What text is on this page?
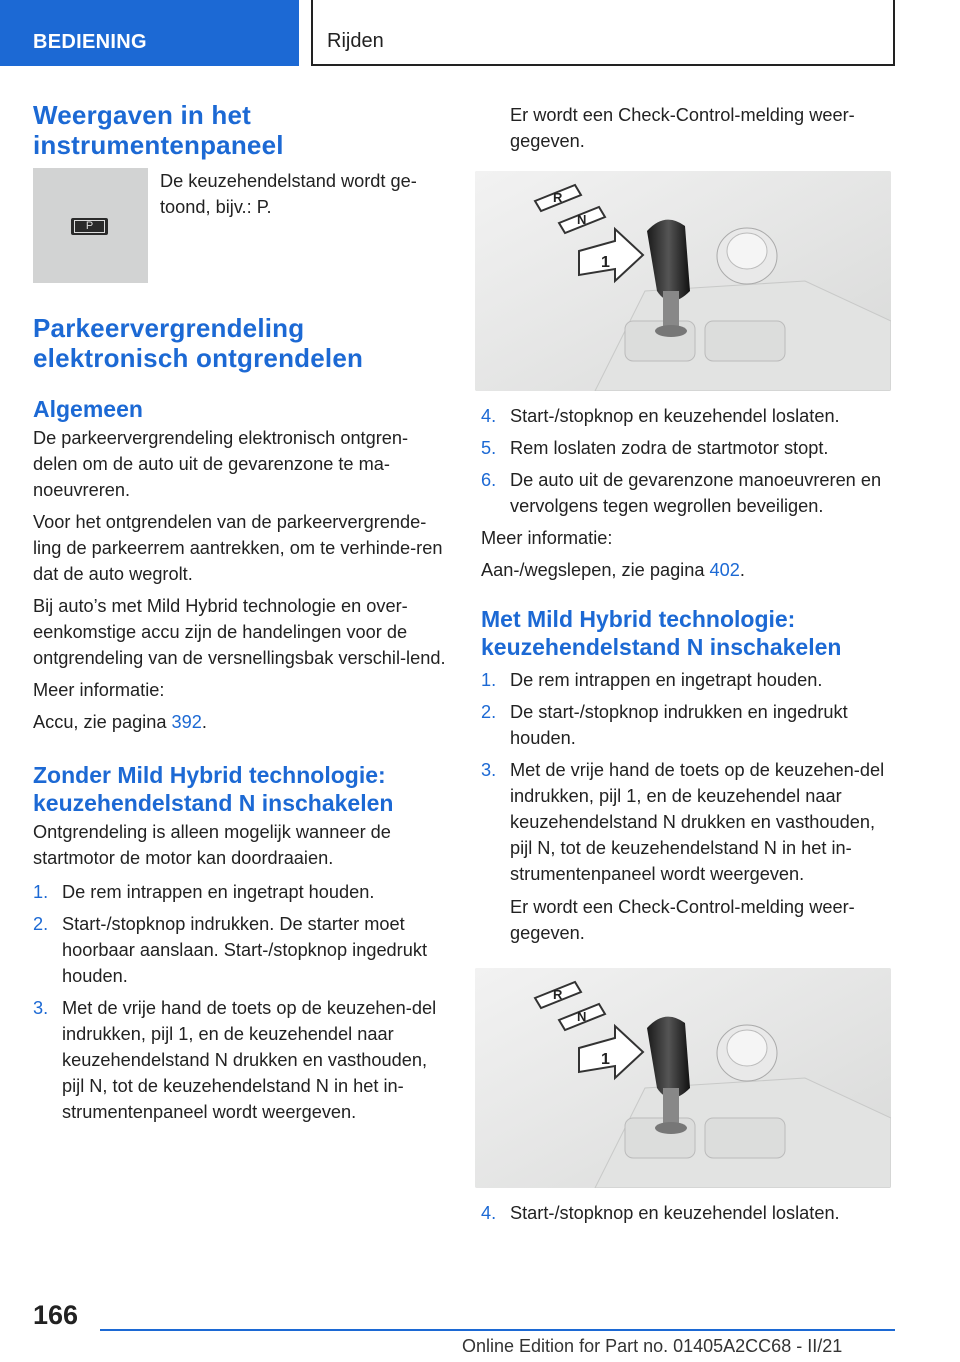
BEDIENING	Rijden
Weergaven in het instrumentenpaneel
P

De keuzehendelstand wordt ge-toond, bijv.: P.

Parkeervergrendeling elektronisch ontgrendelen
Algemeen

De parkeervergrendeling elektronisch ontgren-delen om de auto uit de gevarenzone te ma-noeuvreren.

Voor het ontgrendelen van de parkeervergrende-ling de parkeerrem aantrekken, om te verhinde-ren dat de auto wegrolt.

Bij auto’s met Mild Hybrid technologie en over-eenkomstige accu zijn de handelingen voor de ontgrendeling van de versnellingsbak verschil-lend.

Meer informatie:

Accu, zie pagina 392.

Zonder Mild Hybrid technologie: keuzehendelstand N inschakelen

Ontgrendeling is alleen mogelijk wanneer de startmotor de motor kan doordraaien.

1. De rem intrappen en ingetrapt houden.
2. Start-/stopknop indrukken. De starter moet hoorbaar aanslaan. Start-/stopknop ingedrukt houden.
3. Met de vrije hand de toets op de keuzehen-del indrukken, pijl 1, en de keuzehendel naar keuzehendelstand N drukken en vasthouden, pijl N, tot de keuzehendelstand N in het in-strumentenpaneel wordt weergeven.

Er wordt een Check-Control-melding weer-gegeven.

R
N
1
4. Start-/stopknop en keuzehendel loslaten.
5. Rem loslaten zodra de startmotor stopt.
6. De auto uit de gevarenzone manoeuvreren en vervolgens tegen wegrollen beveiligen.

Meer informatie:

Aan-/wegslepen, zie pagina 402.

Met Mild Hybrid technologie: keuzehendelstand N inschakelen
1. De rem intrappen en ingetrapt houden.
2. De start-/stopknop indrukken en ingedrukt houden.
3. Met de vrije hand de toets op de keuzehen-del indrukken, pijl 1, en de keuzehendel naar keuzehendelstand N drukken en vasthouden, pijl N, tot de keuzehendelstand N in het in-strumentenpaneel wordt weergeven.
Er wordt een Check-Control-melding weer-gegeven.
R
N
1
4. Start-/stopknop en keuzehendel loslaten.
166
Online Edition for Part no. 01405A2CC68 - II/21
